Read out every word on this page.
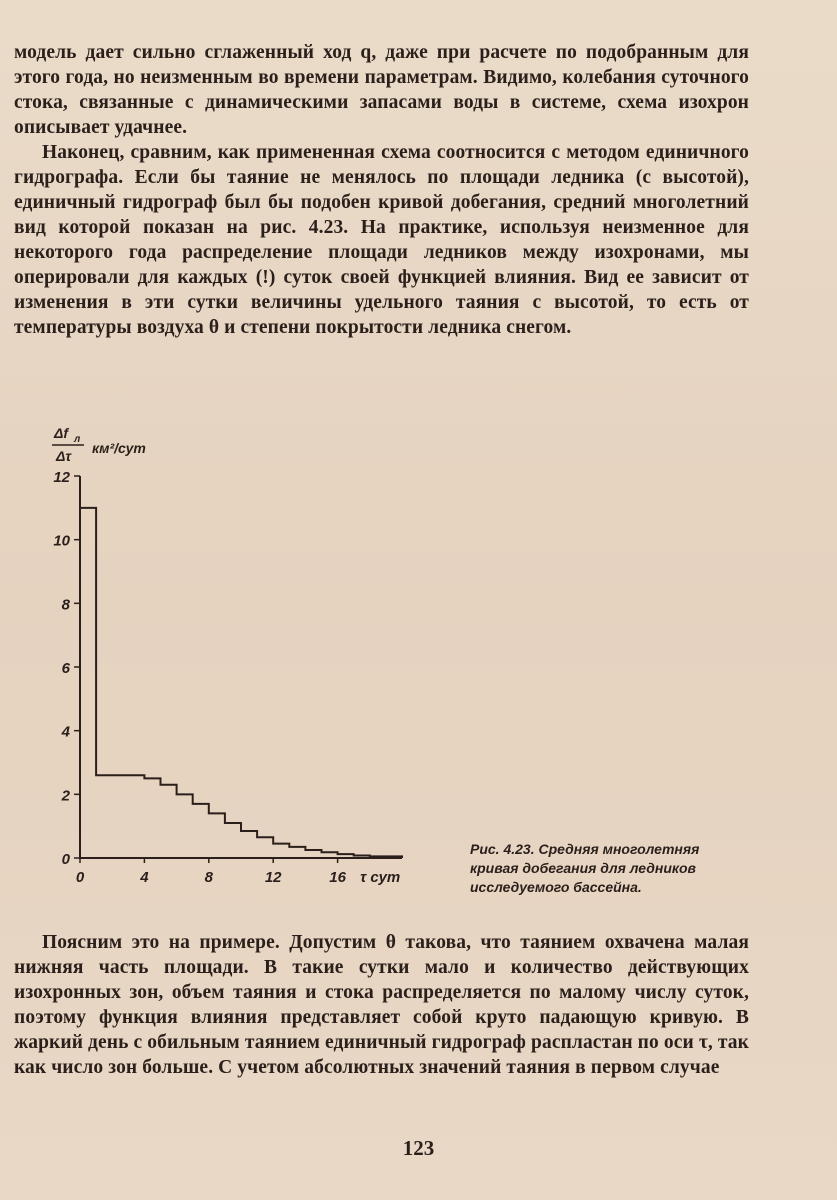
модель дает сильно сглаженный ход q, даже при расчете по подобранным для этого года, но неизменным во времени параметрам. Видимо, колебания суточного стока, связанные с динамическими запасами воды в системе, схема изохрон описывает удачнее.

Наконец, сравним, как примененная схема соотносится с методом единичного гидрографа. Если бы таяние не менялось по площади ледника (с высотой), единичный гидрограф был бы подобен кривой добегания, средний многолетний вид которой показан на рис. 4.23. На практике, используя неизменное для некоторого года распределение площади ледников между изохронами, мы оперировали для каждых (!) суток своей функцией влияния. Вид ее зависит от изменения в эти сутки величины удельного таяния с высотой, то есть от температуры воздуха θ и степени покрытости ледника снегом.

0
2
4
6
8
10
12
0	4	8	12	16 τ сут
Δf л
Δτ км²/сут
Рис. 4.23. Средняя многолетняя кривая добегания для ледников исследуемого бассейна.

Поясним это на примере. Допустим θ такова, что таянием охвачена малая нижняя часть площади. В такие сутки мало и количество действующих изохронных зон, объем таяния и стока распределяется по малому числу суток, поэтому функция влияния представляет собой круто падающую кривую. В жаркий день с обильным таянием единичный гидрограф распластан по оси τ, так как число зон больше. С учетом абсолютных значений таяния в первом случае

123
